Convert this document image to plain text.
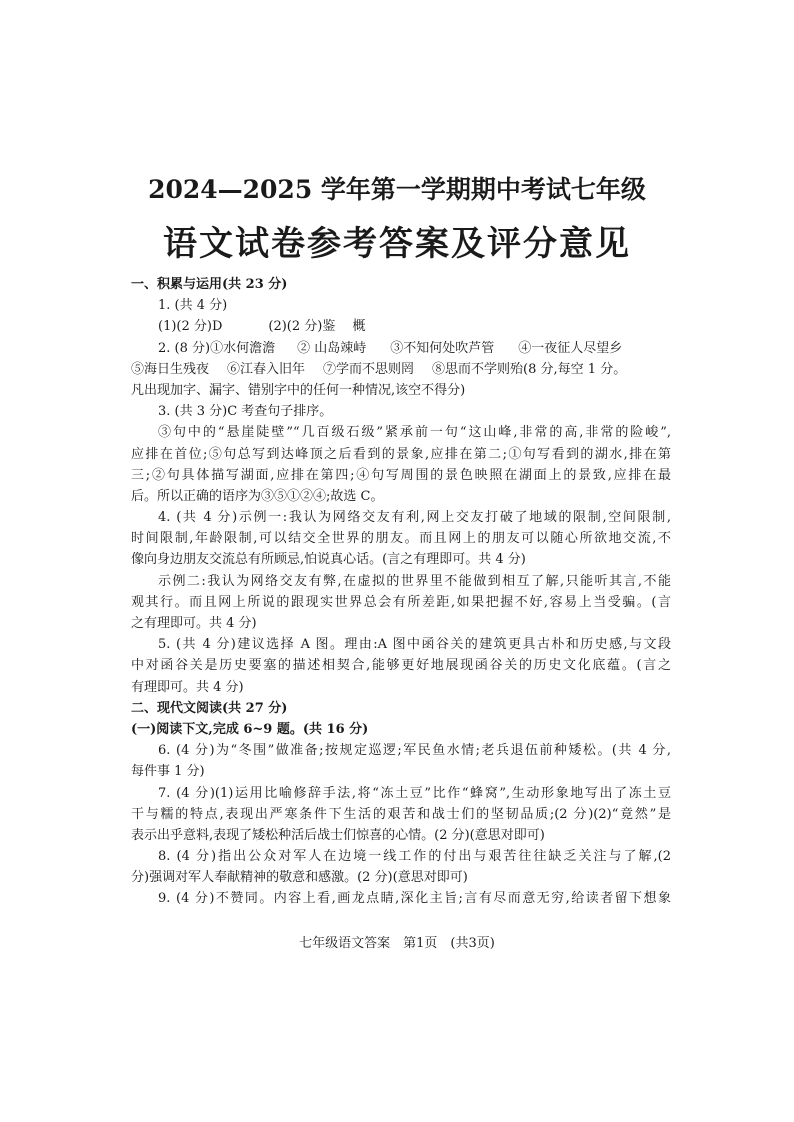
2024—2025 学年第一学期期中考试七年级
语文试卷参考答案及评分意见
一、积累与运用(共 23 分)
1. (共 4 分)
(1)(2 分)D	(2)(2 分)鉴　 概
2. (8 分)①水何澹澹 ② 山岛竦峙 ③不知何处吹芦管 ④一夜征人尽望乡
⑤海日生残夜 ⑥江春入旧年 ⑦学而不思则罔 ⑧思而不学则殆(8 分,每空 1 分。
凡出现加字、漏字、错别字中的任何一种情况,该空不得分)
3. (共 3 分)C 考查句子排序。
③句中的“悬崖陡壁”“几百级石级”紧承前一句“这山峰,非常的高,非常的险峻”,
应排在首位;⑤句总写到达峰顶之后看到的景象,应排在第二;①句写看到的湖水,排在第
三;②句具体描写湖面,应排在第四;④句写周围的景色映照在湖面上的景致,应排在最
后。所以正确的语序为③⑤①②④;故选 C。
4. (共 4 分)示例一:我认为网络交友有利,网上交友打破了地域的限制,空间限制,
时间限制,年龄限制,可以结交全世界的朋友。而且网上的朋友可以随心所欲地交流,不
像向身边朋友交流总有所顾忌,怕说真心话。(言之有理即可。共 4 分)
示例二:我认为网络交友有弊,在虚拟的世界里不能做到相互了解,只能听其言,不能
观其行。而且网上所说的跟现实世界总会有所差距,如果把握不好,容易上当受骗。(言
之有理即可。共 4 分)
5. (共 4 分)建议选择 A 图。理由:A 图中函谷关的建筑更具古朴和历史感,与文段
中对函谷关是历史要塞的描述相契合,能够更好地展现函谷关的历史文化底蕴。(言之
有理即可。共 4 分)
二、现代文阅读(共 27 分)
(一)阅读下文,完成 6~9 题。(共 16 分)
6. (4 分)为“冬围”做准备;按规定巡逻;军民鱼水情;老兵退伍前种矮松。(共 4 分,
每件事 1 分)
7. (4 分)(1)运用比喻修辞手法,将“冻土豆”比作“蜂窝”,生动形象地写出了冻土豆
干与糯的特点,表现出严寒条件下生活的艰苦和战士们的坚韧品质;(2 分)(2)“竟然”是
表示出乎意料,表现了矮松种活后战士们惊喜的心情。(2 分)(意思对即可)
8. (4 分)指出公众对军人在边境一线工作的付出与艰苦往往缺乏关注与了解,(2
分)强调对军人奉献精神的敬意和感激。(2 分)(意思对即可)
9. (4 分)不赞同。内容上看,画龙点睛,深化主旨;言有尽而意无穷,给读者留下想象
七年级语文答案　第1页　(共3页)
